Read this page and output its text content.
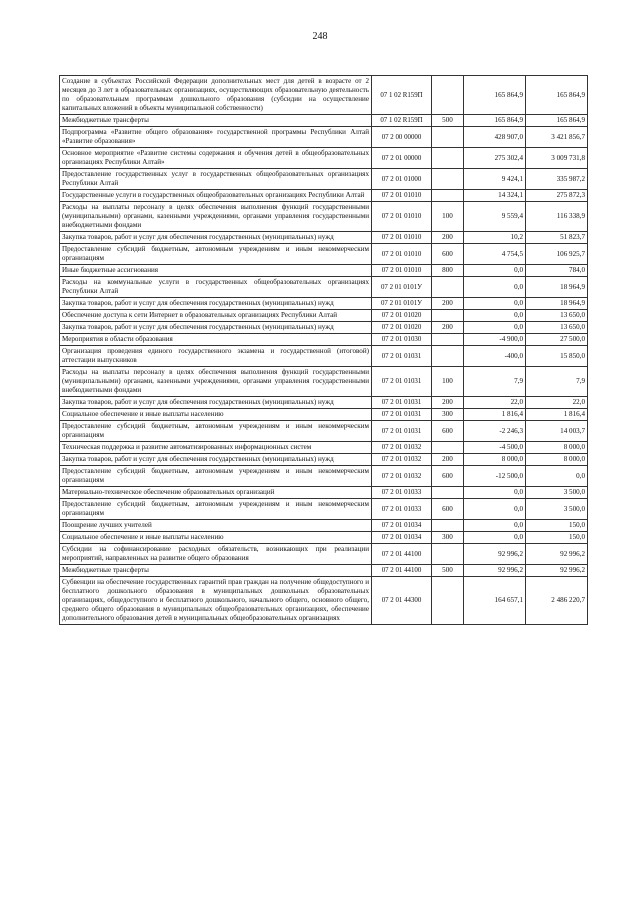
248
Создание в субъектах Российской Федерации дополнительных мест для детей в возрасте от 2 месяцев до 3 лет в образовательных организациях, осуществляющих образовательную деятельность по образовательным программам дошкольного образования (субсидии на осуществление капитальных вложений в объекты муниципальной собственности)	07 1 02 R159П		165 864,9	165 864,9
Межбюджетные трансферты	07 1 02 R159П	500	165 864,9	165 864,9
Подпрограмма «Развитие общего образования» государственной программы Республики Алтай «Развитие образования»	07 2 00 00000		428 907,0	3 421 856,7
Основное мероприятие «Развитие системы содержания и обучения детей в общеобразовательных организациях Республики Алтай»	07 2 01 00000		275 302,4	3 009 731,8
Предоставление государственных услуг в государственных общеобразовательных организациях Республики Алтай	07 2 01 01000		9 424,1	335 987,2
Государственные услуги в государственных общеобразовательных организациях Республики Алтай	07 2 01 01010		14 324,1	275 872,3
Расходы на выплаты персоналу в целях обеспечения выполнения функций государственными (муниципальными) органами, казенными учреждениями, органами управления государственными внебюджетными фондами	07 2 01 01010	100	9 559,4	116 338,9
Закупка товаров, работ и услуг для обеспечения государственных (муниципальных) нужд	07 2 01 01010	200	10,2	51 823,7
Предоставление субсидий бюджетным, автономным учреждениям и иным некоммерческим организациям	07 2 01 01010	600	4 754,5	106 925,7
Иные бюджетные ассигнования	07 2 01 01010	800	0,0	784,0
Расходы на коммунальные услуги в государственных общеобразовательных организациях Республики Алтай	07 2 01 0101У		0,0	18 964,9
Закупка товаров, работ и услуг для обеспечения государственных (муниципальных) нужд	07 2 01 0101У	200	0,0	18 964,9
Обеспечение доступа к сети Интернет в образовательных организациях Республики Алтай	07 2 01 01020		0,0	13 650,0
Закупка товаров, работ и услуг для обеспечения государственных (муниципальных) нужд	07 2 01 01020	200	0,0	13 650,0
Мероприятия в области образования	07 2 01 01030		-4 900,0	27 500,0
Организация проведения единого государственного экзамена и государственной (итоговой) аттестации выпускников	07 2 01 01031		-400,0	15 850,0
Расходы на выплаты персоналу в целях обеспечения выполнения функций государственными (муниципальными) органами, казенными учреждениями, органами управления государственными внебюджетными фондами	07 2 01 01031	100	7,9	7,9
Закупка товаров, работ и услуг для обеспечения государственных (муниципальных) нужд	07 2 01 01031	200	22,0	22,0
Социальное обеспечение и иные выплаты населению	07 2 01 01031	300	1 816,4	1 816,4
Предоставление субсидий бюджетным, автономным учреждениям и иным некоммерческим организациям	07 2 01 01031	600	-2 246,3	14 003,7
Техническая поддержка и развитие автоматизированных информационных систем	07 2 01 01032		-4 500,0	8 000,0
Закупка товаров, работ и услуг для обеспечения государственных (муниципальных) нужд	07 2 01 01032	200	8 000,0	8 000,0
Предоставление субсидий бюджетным, автономным учреждениям и иным некоммерческим организациям	07 2 01 01032	600	-12 500,0	0,0
Материально-техническое обеспечение образовательных организаций	07 2 01 01033		0,0	3 500,0
Предоставление субсидий бюджетным, автономным учреждениям и иным некоммерческим организациям	07 2 01 01033	600	0,0	3 500,0
Поощрение лучших учителей	07 2 01 01034		0,0	150,0
Социальное обеспечение и иные выплаты населению	07 2 01 01034	300	0,0	150,0
Субсидии на софинансирование расходных обязательств, возникающих при реализации мероприятий, направленных на развитие общего образования	07 2 01 44100		92 996,2	92 996,2
Межбюджетные трансферты	07 2 01 44100	500	92 996,2	92 996,2
Субвенции на обеспечение государственных гарантий прав граждан на получение общедоступного и бесплатного дошкольного образования в муниципальных дошкольных образовательных организациях, общедоступного и бесплатного дошкольного, начального общего, основного общего, среднего общего образования в муниципальных общеобразовательных организациях, обеспечение дополнительного образования детей в муниципальных общеобразовательных организациях	07 2 01 44300		164 657,1	2 486 220,7
